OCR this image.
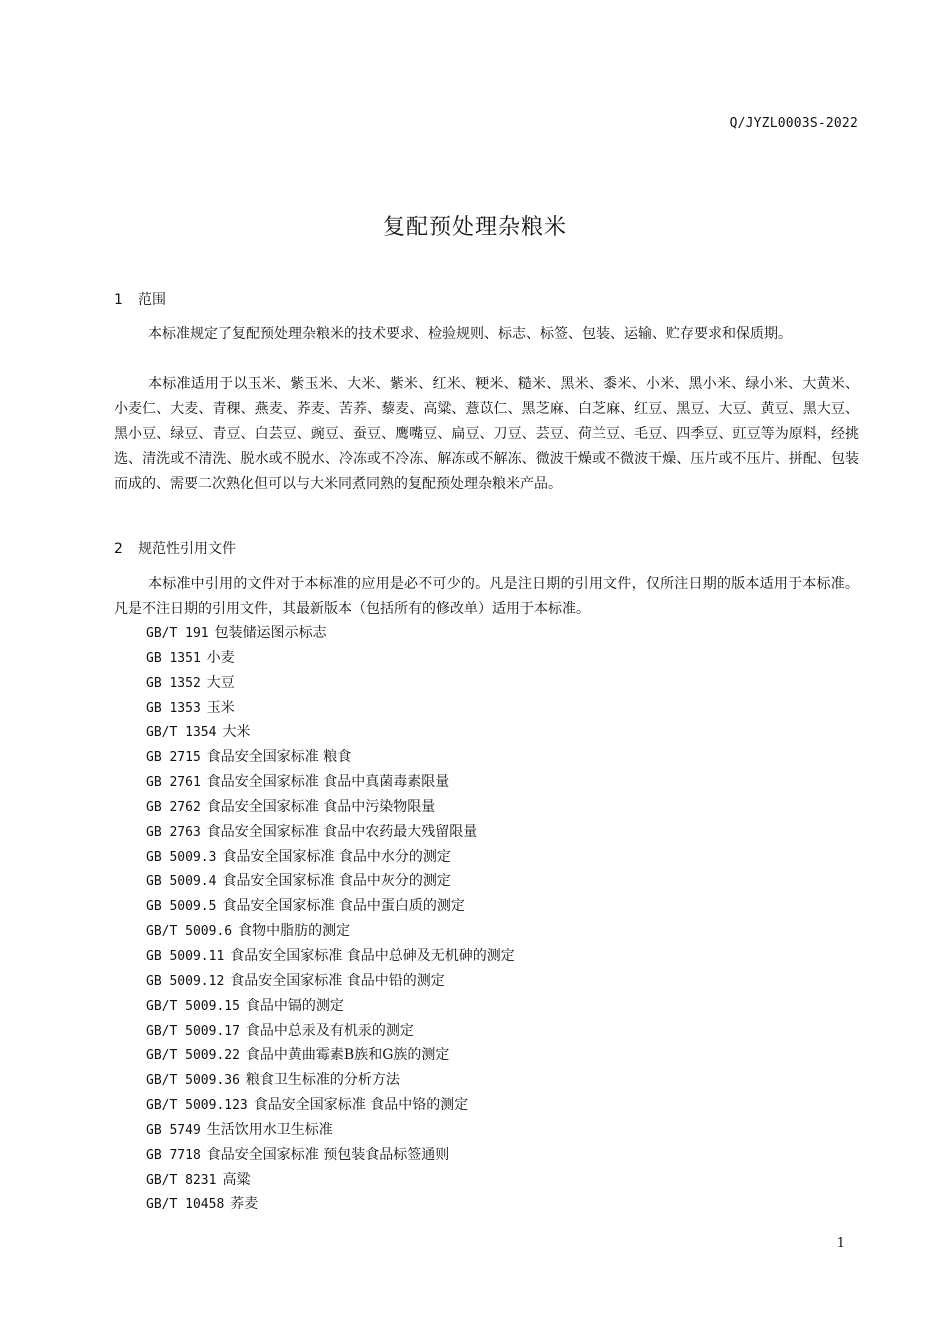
Q/JYZL0003S-2022
复配预处理杂粮米
1 范围

本标准规定了复配预处理杂粮米的技术要求、检验规则、标志、标签、包装、运输、贮存要求和保质期。

本标准适用于以玉米、紫玉米、大米、紫米、红米、粳米、糙米、黑米、黍米、小米、黑小米、绿小米、大黄米、小麦仁、大麦、青稞、燕麦、荞麦、苦荞、藜麦、高粱、薏苡仁、黑芝麻、白芝麻、红豆、黑豆、大豆、黄豆、黑大豆、黑小豆、绿豆、青豆、白芸豆、豌豆、蚕豆、鹰嘴豆、扁豆、刀豆、芸豆、荷兰豆、毛豆、四季豆、豇豆等为原料，经挑选、清洗或不清洗、脱水或不脱水、冷冻或不冷冻、解冻或不解冻、微波干燥或不微波干燥、压片或不压片、拼配、包装而成的、需要二次熟化但可以与大米同煮同熟的复配预处理杂粮米产品。

2 规范性引用文件

本标准中引用的文件对于本标准的应用是必不可少的。凡是注日期的引用文件，仅所注日期的版本适用于本标准。凡是不注日期的引用文件，其最新版本（包括所有的修改单）适用于本标准。

GB/T 191 包装储运图示标志
GB 1351 小麦
GB 1352 大豆
GB 1353 玉米
GB/T 1354 大米
GB 2715 食品安全国家标准 粮食
GB 2761 食品安全国家标准 食品中真菌毒素限量
GB 2762 食品安全国家标准 食品中污染物限量
GB 2763 食品安全国家标准 食品中农药最大残留限量
GB 5009.3 食品安全国家标准 食品中水分的测定
GB 5009.4 食品安全国家标准 食品中灰分的测定
GB 5009.5 食品安全国家标准 食品中蛋白质的测定
GB/T 5009.6 食物中脂肪的测定
GB 5009.11 食品安全国家标准 食品中总砷及无机砷的测定
GB 5009.12 食品安全国家标准 食品中铅的测定
GB/T 5009.15 食品中镉的测定
GB/T 5009.17 食品中总汞及有机汞的测定
GB/T 5009.22 食品中黄曲霉素B族和G族的测定
GB/T 5009.36 粮食卫生标准的分析方法
GB/T 5009.123 食品安全国家标准 食品中铬的测定
GB 5749 生活饮用水卫生标准
GB 7718 食品安全国家标准 预包装食品标签通则
GB/T 8231 高粱
GB/T 10458 荞麦
1
